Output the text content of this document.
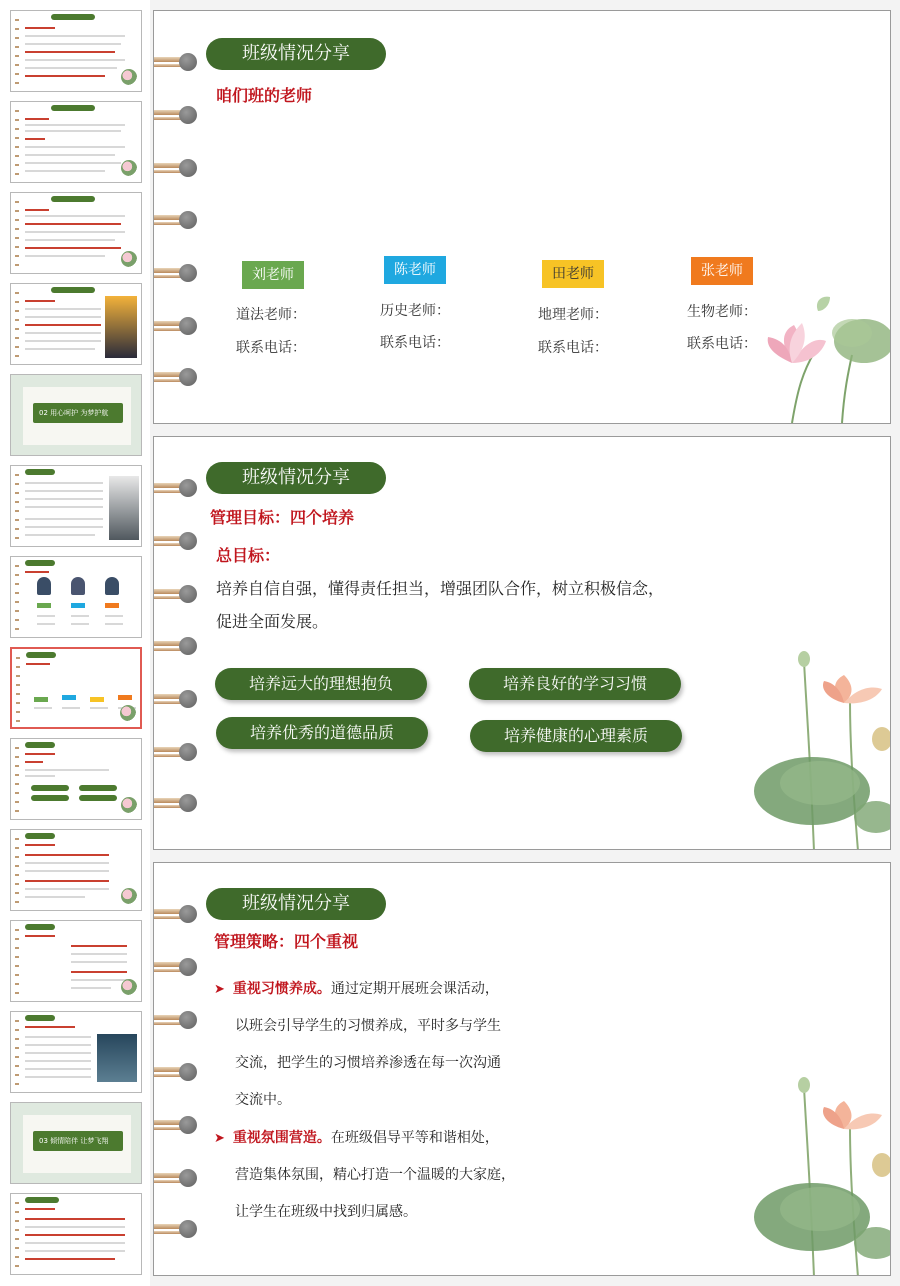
02 用心呵护 为梦护航
03 倾情陪伴 让梦飞翔
班级情况分享
咱们班的老师
刘老师
道法老师：
联系电话：
陈老师
历史老师：
联系电话：
田老师
地理老师：
联系电话：
张老师
生物老师：
联系电话：
班级情况分享
管理目标：四个培养
总目标：
培养自信自强，懂得责任担当，增强团队合作，树立积极信念，
促进全面发展。
培养远大的理想抱负	培养良好的学习习惯
培养优秀的道德品质	培养健康的心理素质
班级情况分享
管理策略：四个重视
➤ 重视习惯养成。通过定期开展班会课活动，
以班会引导学生的习惯养成，平时多与学生
交流，把学生的习惯培养渗透在每一次沟通
交流中。
➤ 重视氛围营造。在班级倡导平等和谐相处，
营造集体氛围，精心打造一个温暖的大家庭，
让学生在班级中找到归属感。
